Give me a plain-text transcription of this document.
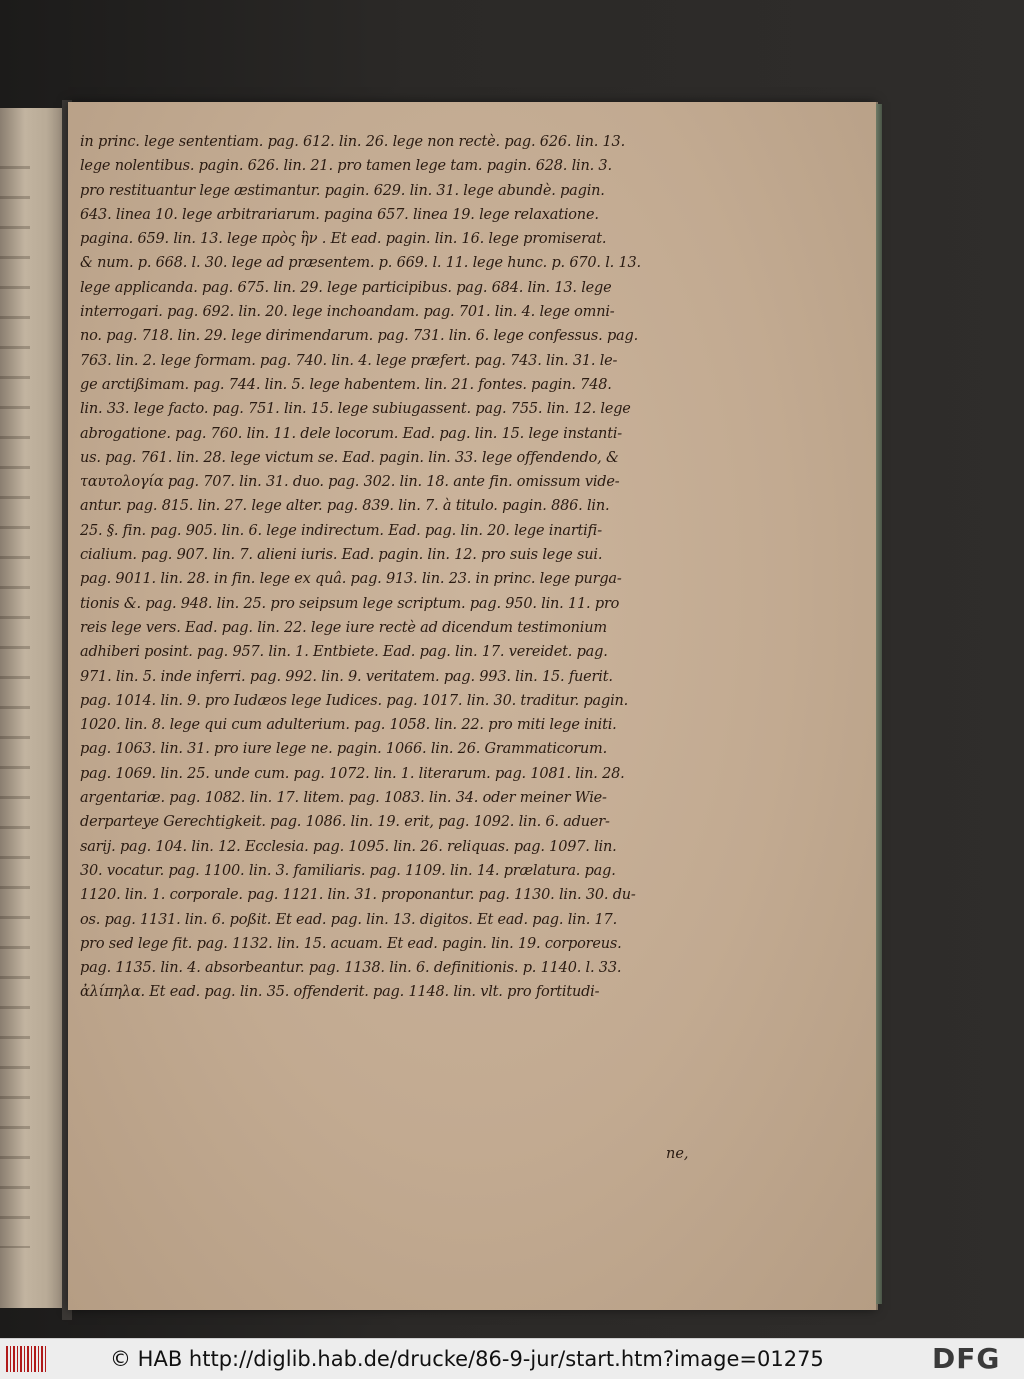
in princ. lege sententiam. pag. 612. lin. 26. lege non rectè. pag. 626. lin. 13.
lege nolentibus. pagin. 626. lin. 21. pro tamen lege tam. pagin. 628. lin. 3.
pro restituantur lege æstimantur. pagin. 629. lin. 31. lege abundè. pagin.
643. linea 10. lege arbitrariarum. pagina 657. linea 19. lege relaxatione.
pagina. 659. lin. 13. lege πρὸς ἣν . Et ead. pagin. lin. 16. lege promiserat.
& num. p. 668. l. 30. lege ad præsentem. p. 669. l. 11. lege hunc. p. 670. l. 13.
lege applicanda. pag. 675. lin. 29. lege participibus. pag. 684. lin. 13. lege
interrogari. pag. 692. lin. 20. lege inchoandam. pag. 701. lin. 4. lege omni-
no. pag. 718. lin. 29. lege dirimendarum. pag. 731. lin. 6. lege confessus. pag.
763. lin. 2. lege formam. pag. 740. lin. 4. lege præfert. pag. 743. lin. 31. le-
ge arctißimam. pag. 744. lin. 5. lege habentem. lin. 21. fontes. pagin. 748.
lin. 33. lege facto. pag. 751. lin. 15. lege subiugassent. pag. 755. lin. 12. lege
abrogatione. pag. 760. lin. 11. dele locorum. Ead. pag. lin. 15. lege instanti-
us. pag. 761. lin. 28. lege victum se. Ead. pagin. lin. 33. lege offendendo, &
ταυτολογία pag. 707. lin. 31. duo. pag. 302. lin. 18. ante fin. omissum vide-
antur. pag. 815. lin. 27. lege alter. pag. 839. lin. 7. à titulo. pagin. 886. lin.
25. §. fin. pag. 905. lin. 6. lege indirectum. Ead. pag. lin. 20. lege inartifi-
cialium. pag. 907. lin. 7. alieni iuris. Ead. pagin. lin. 12. pro suis lege sui.
pag. 9011. lin. 28. in fin. lege ex quâ. pag. 913. lin. 23. in princ. lege purga-
tionis &. pag. 948. lin. 25. pro seipsum lege scriptum. pag. 950. lin. 11. pro
reis lege vers. Ead. pag. lin. 22. lege iure rectè ad dicendum testimonium
adhiberi posint. pag. 957. lin. 1. Entbiete. Ead. pag. lin. 17. vereidet. pag.
971. lin. 5. inde inferri. pag. 992. lin. 9. veritatem. pag. 993. lin. 15. fuerit.
pag. 1014. lin. 9. pro Iudæos lege Iudices. pag. 1017. lin. 30. traditur. pagin.
1020. lin. 8. lege qui cum adulterium. pag. 1058. lin. 22. pro miti lege initi.
pag. 1063. lin. 31. pro iure lege ne. pagin. 1066. lin. 26. Grammaticorum.
pag. 1069. lin. 25. unde cum. pag. 1072. lin. 1. literarum. pag. 1081. lin. 28.
argentariæ. pag. 1082. lin. 17. litem. pag. 1083. lin. 34. oder meiner Wie-
derparteye Gerechtigkeit. pag. 1086. lin. 19. erit, pag. 1092. lin. 6. aduer-
sarij. pag. 104. lin. 12. Ecclesia. pag. 1095. lin. 26. reliquas. pag. 1097. lin.
30. vocatur. pag. 1100. lin. 3. familiaris. pag. 1109. lin. 14. prælatura. pag.
1120. lin. 1. corporale. pag. 1121. lin. 31. proponantur. pag. 1130. lin. 30. du-
os. pag. 1131. lin. 6. poßit. Et ead. pag. lin. 13. digitos. Et ead. pag. lin. 17.
pro sed lege fit. pag. 1132. lin. 15. acuam. Et ead. pagin. lin. 19. corporeus.
pag. 1135. lin. 4. absorbeantur. pag. 1138. lin. 6. definitionis. p. 1140. l. 33.
ἀλίπηλα. Et ead. pag. lin. 35. offenderit. pag. 1148. lin. vlt. pro fortitudi-
ne,
© HAB http://diglib.hab.de/drucke/86-9-jur/start.htm?image=01275	DFG
